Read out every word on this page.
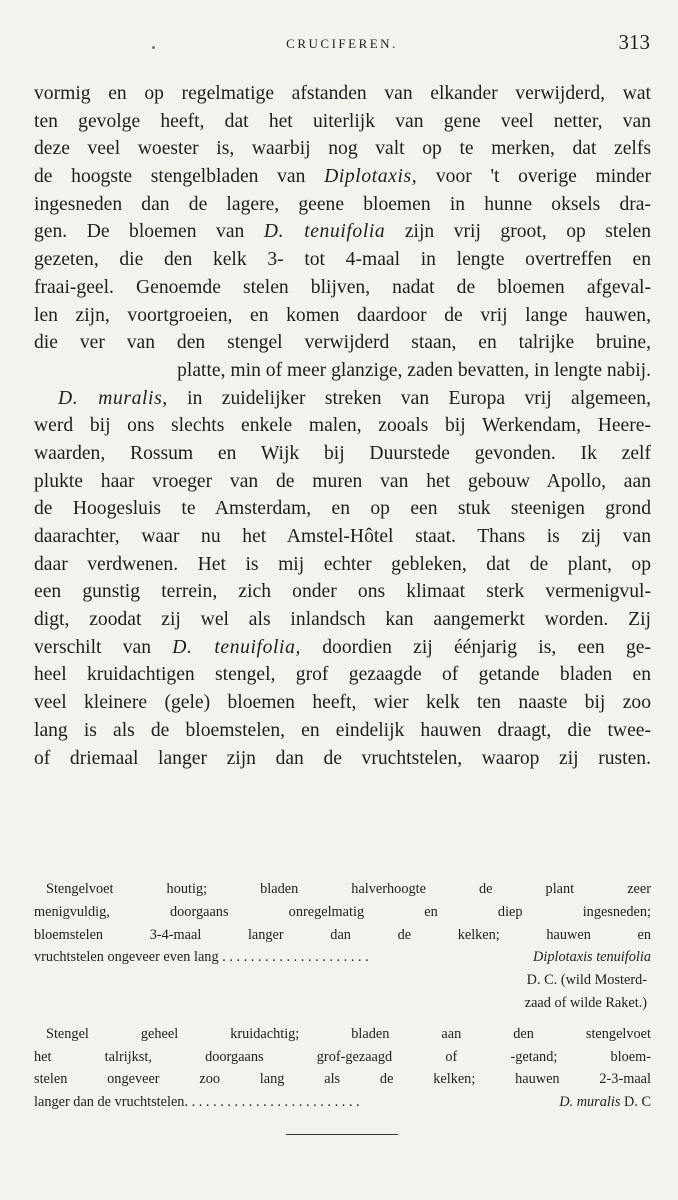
CRUCIFEREN.	313
vormig en op regelmatige afstanden van elkander verwijderd, wat
ten gevolge heeft, dat het uiterlijk van gene veel netter, van
deze veel woester is, waarbij nog valt op te merken, dat zelfs
de hoogste stengelbladen van Diplotaxis, voor 't overige minder
ingesneden dan de lagere, geene bloemen in hunne oksels dra-
gen. De bloemen van D. tenuifolia zijn vrij groot, op stelen
gezeten, die den kelk 3- tot 4-maal in lengte overtreffen en
fraai-geel. Genoemde stelen blijven, nadat de bloemen afgeval-
len zijn, voortgroeien, en komen daardoor de vrij lange hauwen,
die ver van den stengel verwijderd staan, en talrijke bruine,
platte, min of meer glanzige, zaden bevatten, in lengte nabij.
D. muralis, in zuidelijker streken van Europa vrij algemeen,
werd bij ons slechts enkele malen, zooals bij Werkendam, Heere-
waarden, Rossum en Wijk bij Duurstede gevonden. Ik zelf
plukte haar vroeger van de muren van het gebouw Apollo, aan
de Hoogesluis te Amsterdam, en op een stuk steenigen grond
daarachter, waar nu het Amstel-Hôtel staat. Thans is zij van
daar verdwenen. Het is mij echter gebleken, dat de plant, op
een gunstig terrein, zich onder ons klimaat sterk vermenigvul-
digt, zoodat zij wel als inlandsch kan aangemerkt worden. Zij
verschilt van D. tenuifolia, doordien zij éénjarig is, een ge-
heel kruidachtigen stengel, grof gezaagde of getande bladen en
veel kleinere (gele) bloemen heeft, wier kelk ten naaste bij zoo
lang is als de bloemstelen, en eindelijk hauwen draagt, die twee-
of driemaal langer zijn dan de vruchtstelen, waarop zij rusten.
Stengelvoet houtig; bladen halverhoogte de plant zeer
menigvuldig, doorgaans onregelmatig en diep ingesneden;
bloemstelen 3-4-maal langer dan de kelken; hauwen en
vruchtstelen ongeveer even lang . . . . . . . . . . . . . . . . . . . . .	Diplotaxis tenuifolia
D. C. (wild Mosterd-
zaad of wilde Raket.)
Stengel geheel kruidachtig; bladen aan den stengelvoet
het talrijkst, doorgaans grof-gezaagd of -getand; bloem-
stelen ongeveer zoo lang als de kelken; hauwen 2-3-maal
langer dan de vruchtstelen. . . . . . . . . . . . . . . . . . . . . . . . .	D. muralis D. C
